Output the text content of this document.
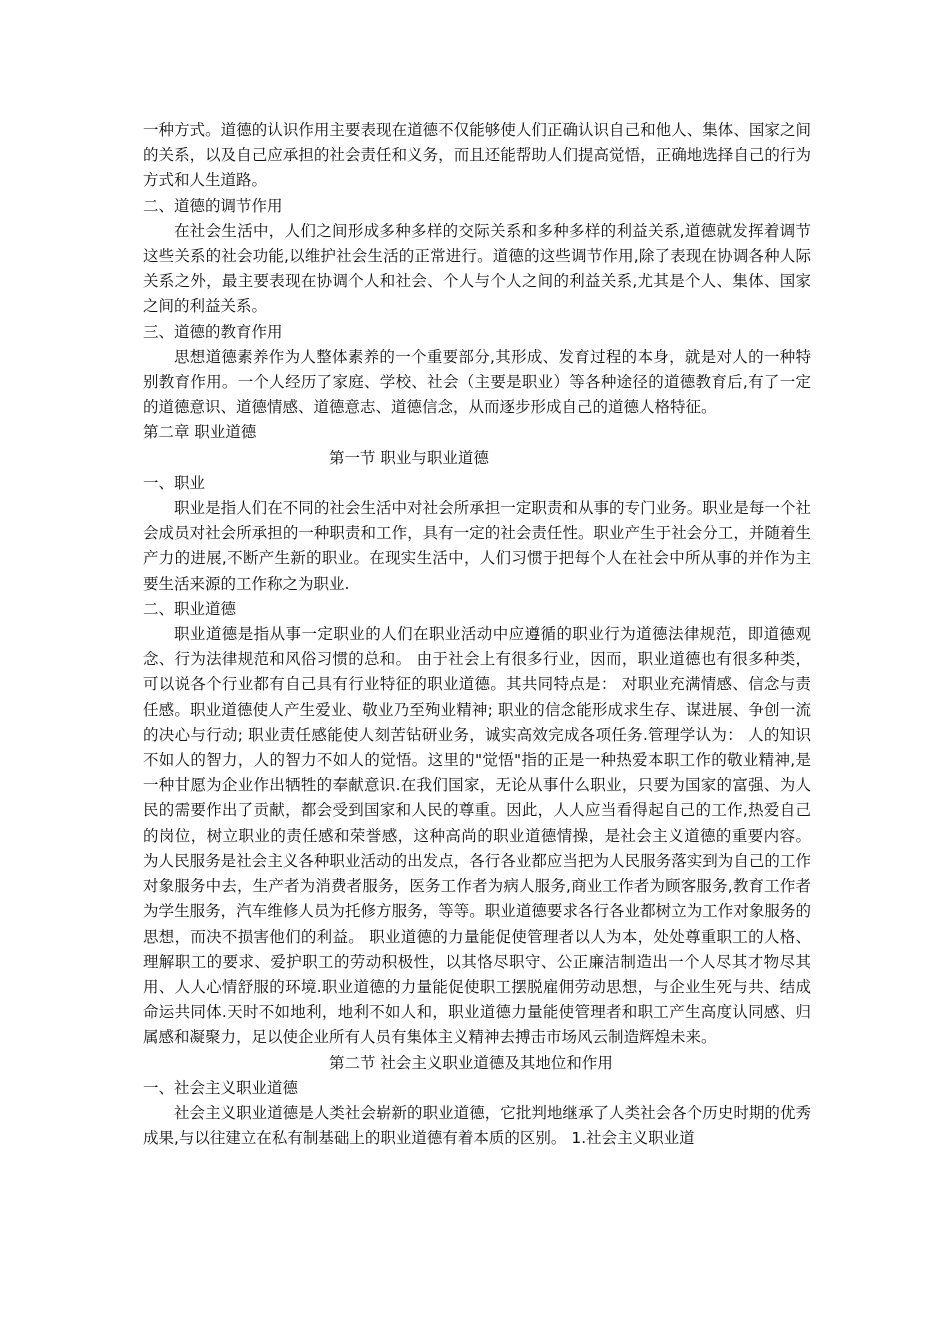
一种方式。道德的认识作用主要表现在道德不仅能够使人们正确认识自己和他人、集体、国家之间的关系，以及自己应承担的社会责任和义务，而且还能帮助人们提高觉悟，正确地选择自己的行为方式和人生道路。

二、道德的调节作用

在社会生活中，人们之间形成多种多样的交际关系和多种多样的利益关系,道德就发挥着调节这些关系的社会功能,以维护社会生活的正常进行。道德的这些调节作用,除了表现在协调各种人际关系之外，最主要表现在协调个人和社会、个人与个人之间的利益关系,尤其是个人、集体、国家之间的利益关系。

三、道德的教育作用

思想道德素养作为人整体素养的一个重要部分,其形成、发育过程的本身，就是对人的一种特别教育作用。一个人经历了家庭、学校、社会（主要是职业）等各种途径的道德教育后,有了一定的道德意识、道德情感、道德意志、道德信念，从而逐步形成自己的道德人格特征。

第二章 职业道德

第一节 职业与职业道德

一、职业

职业是指人们在不同的社会生活中对社会所承担一定职责和从事的专门业务。职业是每一个社会成员对社会所承担的一种职责和工作，具有一定的社会责任性。职业产生于社会分工，并随着生产力的进展,不断产生新的职业。在现实生活中，人们习惯于把每个人在社会中所从事的并作为主要生活来源的工作称之为职业.

二、职业道德

职业道德是指从事一定职业的人们在职业活动中应遵循的职业行为道德法律规范，即道德观念、行为法律规范和风俗习惯的总和。 由于社会上有很多行业，因而，职业道德也有很多种类，可以说各个行业都有自己具有行业特征的职业道德。其共同特点是： 对职业充满情感、信念与责任感。职业道德使人产生爱业、敬业乃至殉业精神; 职业的信念能形成求生存、谋进展、争创一流的决心与行动; 职业责任感能使人刻苦钻研业务，诚实高效完成各项任务.管理学认为： 人的知识不如人的智力，人的智力不如人的觉悟。这里的"觉悟"指的正是一种热爱本职工作的敬业精神,是一种甘愿为企业作出牺牲的奉献意识.在我们国家，无论从事什么职业，只要为国家的富强、为人民的需要作出了贡献，都会受到国家和人民的尊重。因此，人人应当看得起自己的工作,热爱自己的岗位，树立职业的责任感和荣誉感，这种高尚的职业道德情操，是社会主义道德的重要内容。 为人民服务是社会主义各种职业活动的出发点，各行各业都应当把为人民服务落实到为自己的工作对象服务中去，生产者为消费者服务，医务工作者为病人服务,商业工作者为顾客服务,教育工作者为学生服务，汽车维修人员为托修方服务，等等。职业道德要求各行各业都树立为工作对象服务的思想，而决不损害他们的利益。 职业道德的力量能促使管理者以人为本，处处尊重职工的人格、理解职工的要求、爱护职工的劳动积极性，以其恪尽职守、公正廉洁制造出一个人尽其才物尽其用、人人心情舒服的环境.职业道德的力量能促使职工摆脱雇佣劳动思想，与企业生死与共、结成命运共同体.天时不如地利，地利不如人和，职业道德力量能使管理者和职工产生高度认同感、归属感和凝聚力，足以使企业所有人员有集体主义精神去搏击市场风云制造辉煌未来。

第二节 社会主义职业道德及其地位和作用

一、社会主义职业道德

社会主义职业道德是人类社会崭新的职业道德，它批判地继承了人类社会各个历史时期的优秀成果,与以往建立在私有制基础上的职业道德有着本质的区别。 1.社会主义职业道
